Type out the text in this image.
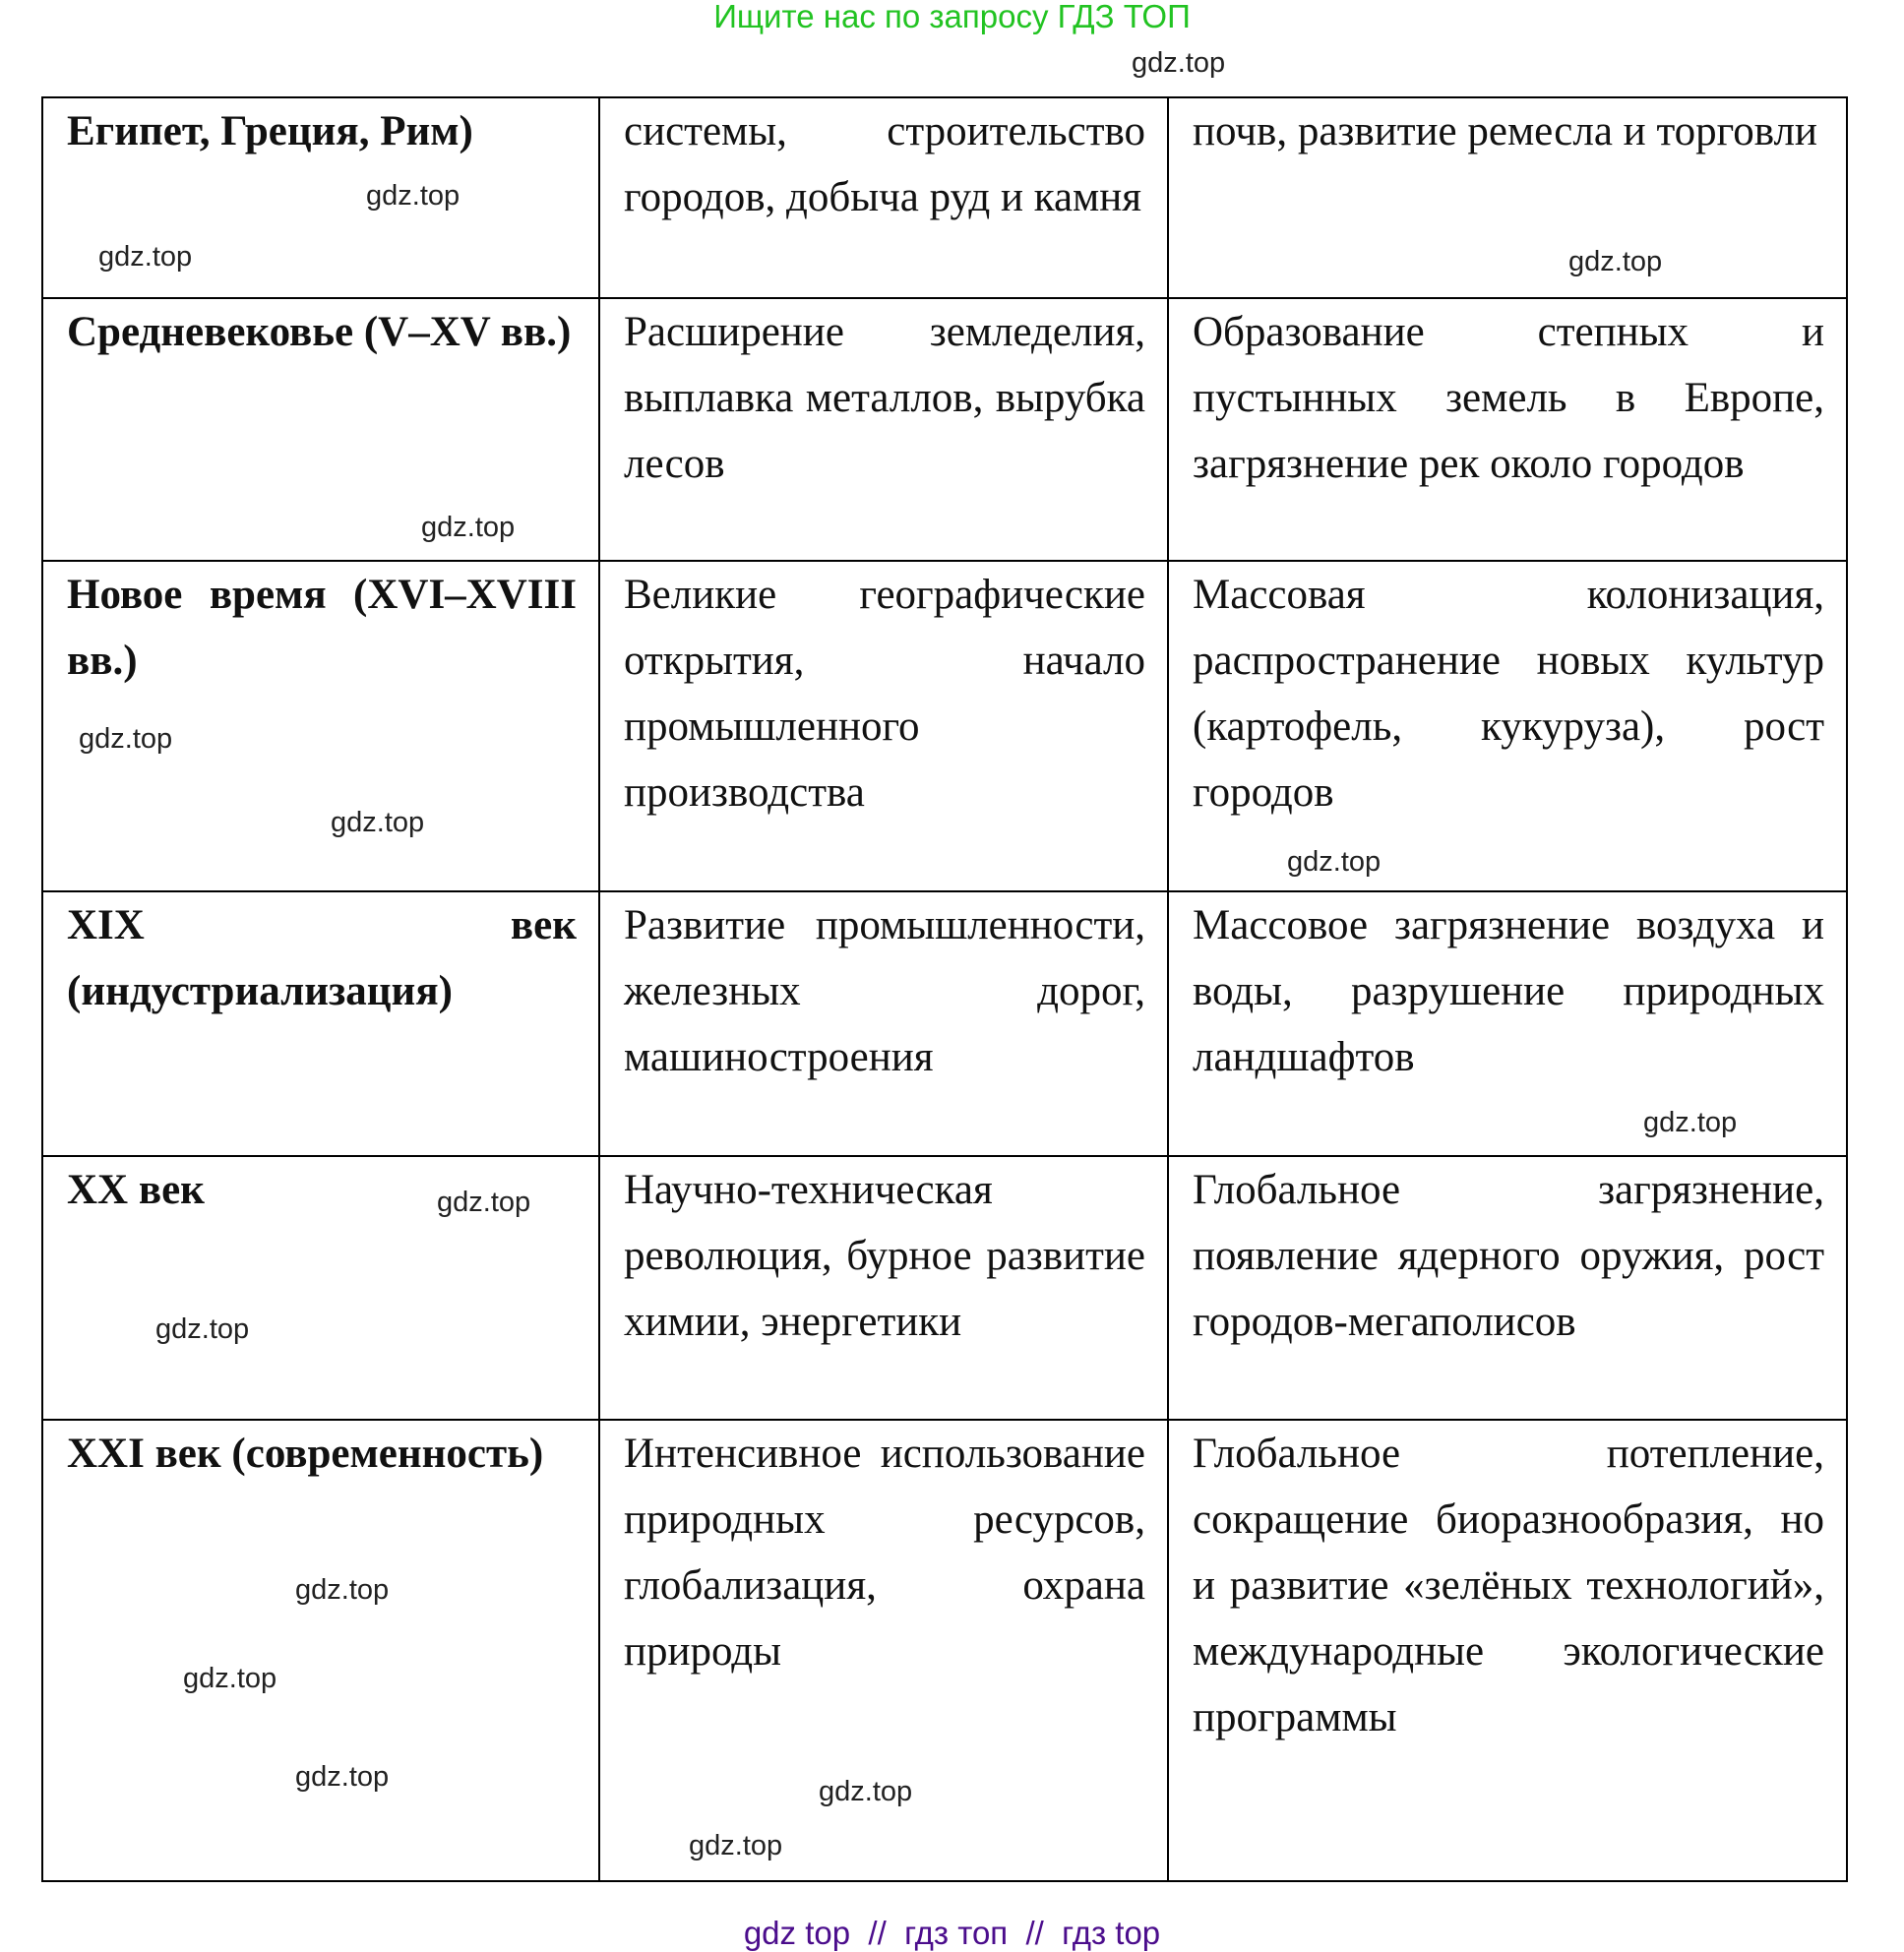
Ищите нас по запросу ГДЗ ТОП
Египет, Греция, Рим)	системы, строительство городов, добыча руд и камня	почв, развитие ремесла и торговли
Средневековье (V–XV вв.)	Расширение земледелия, выплавка металлов, вырубка лесов	Образование степных и пустынных земель в Европе, загрязнение рек около городов
Новое время (XVI–XVIII вв.)	Великие географические открытия, начало промышленного производства	Массовая колонизация, распространение новых культур (картофель, кукуруза), рост городов
XIX век (индустриализация)	Развитие промышленности, железных дорог, машиностроения	Массовое загрязнение воздуха и воды, разрушение природных ландшафтов
XX век	Научно-техническая революция, бурное развитие химии, энергетики	Глобальное загрязнение, появление ядерного оружия, рост городов-мегаполисов
XXI век (современность)	Интенсивное использование природных ресурсов, глобализация, охрана природы	Глобальное потепление, сокращение биоразнообразия, но и развитие «зелёных технологий», международные экологические программы
gdz.top
gdz.top
gdz.top
gdz.top
gdz.top
gdz.top
gdz.top
gdz.top
gdz.top
gdz.top
gdz.top
gdz.top
gdz.top
gdz.top
gdz.top
gdz.top
gdz top  //  гдз топ  //  гдз top
